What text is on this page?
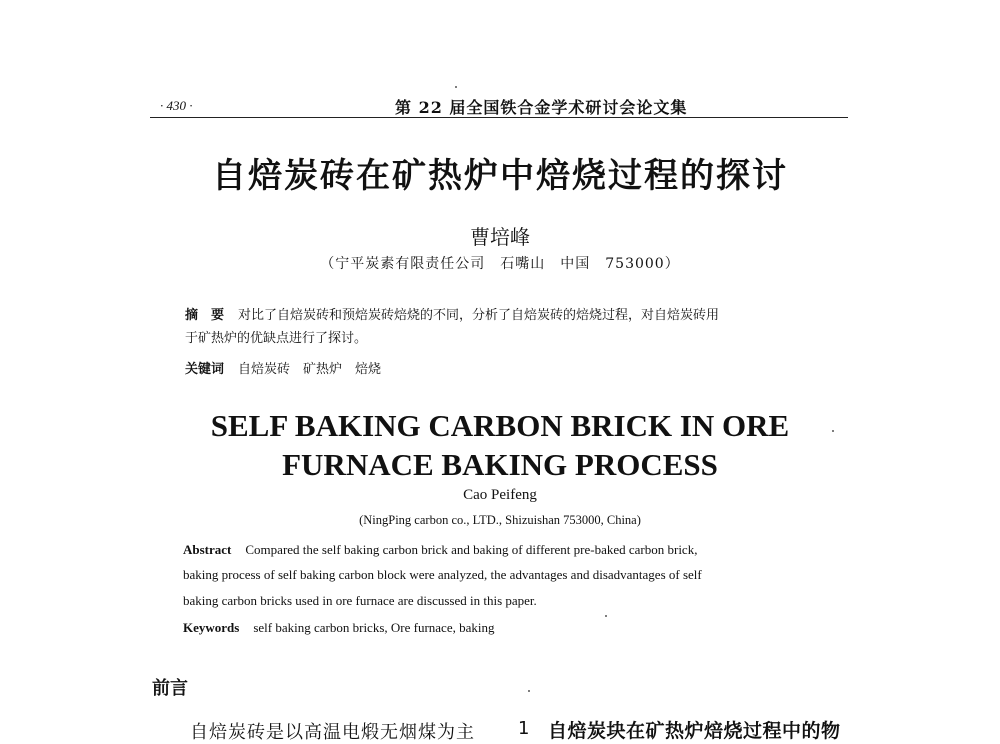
· 430 ·	第 22 届全国铁合金学术研讨会论文集
自焙炭砖在矿热炉中焙烧过程的探讨
曹培峰
（宁平炭素有限责任公司　石嘴山　中国　753000）
摘　要 对比了自焙炭砖和预焙炭砖焙烧的不同，分析了自焙炭砖的焙烧过程，对自焙炭砖用
于矿热炉的优缺点进行了探讨。
关键词 自焙炭砖　矿热炉　焙烧
SELF BAKING CARBON BRICK IN ORE
FURNACE BAKING PROCESS
Cao Peifeng
(NingPing carbon co., LTD., Shizuishan 753000, China)
Abstract Compared the self baking carbon brick and baking of different pre-baked carbon brick,
baking process of self baking carbon block were analyzed, the advantages and disadvantages of self
baking carbon bricks used in ore furnace are discussed in this paper.
Keywords self baking carbon bricks, Ore furnace, baking
前言
自焙炭砖是以高温电煅无烟煤为主 1 自焙炭块在矿热炉焙烧过程中的物
